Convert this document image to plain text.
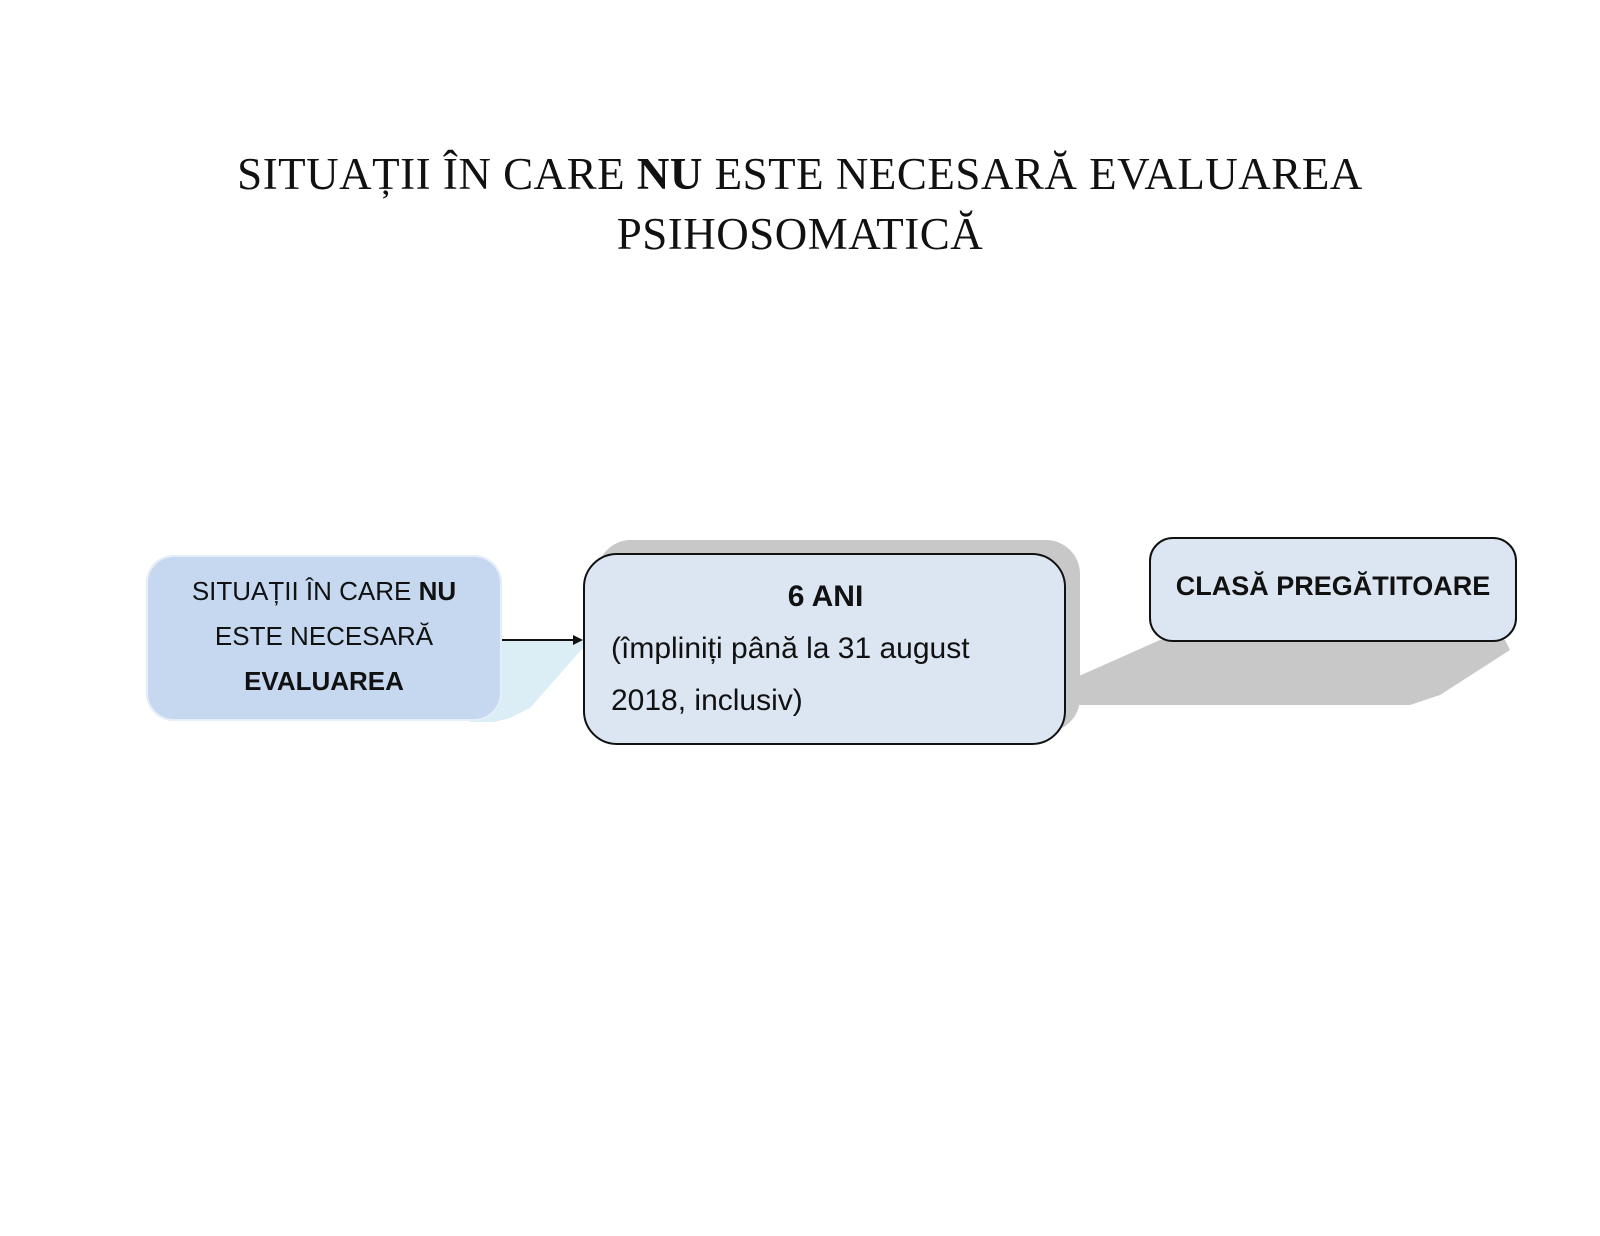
SITUAȚII ÎN CARE NU ESTE NECESARĂ EVALUAREA
PSIHOSOMATICĂ
SITUAȚII ÎN CARE NU
ESTE NECESARĂ
EVALUAREA
6 ANI
(împliniți până la 31 august 2018, inclusiv)
CLASĂ PREGĂTITOARE
